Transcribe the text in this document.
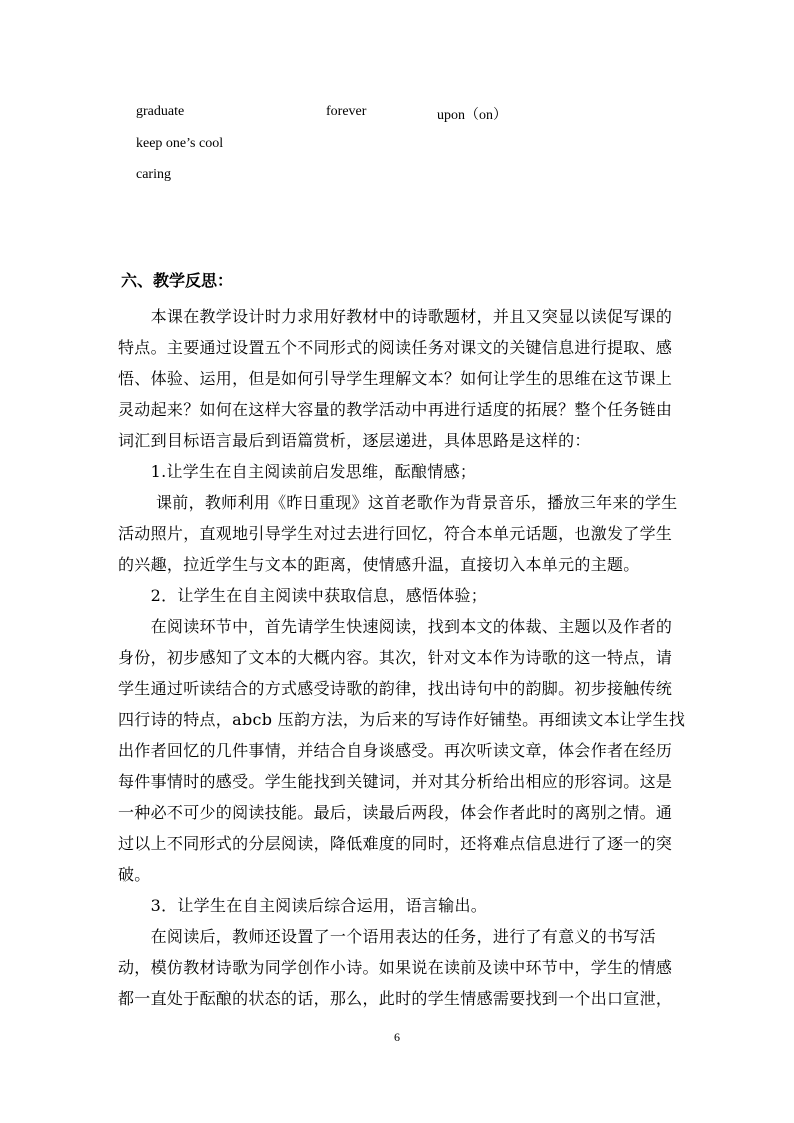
graduate	forever	upon（on）
keep one’s cool
caring
六、教学反思：
　　本课在教学设计时力求用好教材中的诗歌题材，并且又突显以读促写课的
特点。主要通过设置五个不同形式的阅读任务对课文的关键信息进行提取、感
悟、体验、运用，但是如何引导学生理解文本？如何让学生的思维在这节课上
灵动起来？如何在这样大容量的教学活动中再进行适度的拓展？整个任务链由
词汇到目标语言最后到语篇赏析，逐层递进，具体思路是这样的：
　　1.让学生在自主阅读前启发思维，酝酿情感；
　　 课前，教师利用《昨日重现》这首老歌作为背景音乐，播放三年来的学生
活动照片，直观地引导学生对过去进行回忆，符合本单元话题，也激发了学生
的兴趣，拉近学生与文本的距离，使情感升温，直接切入本单元的主题。
　　2．让学生在自主阅读中获取信息，感悟体验；
　　在阅读环节中，首先请学生快速阅读，找到本文的体裁、主题以及作者的
身份，初步感知了文本的大概内容。其次，针对文本作为诗歌的这一特点，请
学生通过听读结合的方式感受诗歌的韵律，找出诗句中的韵脚。初步接触传统
四行诗的特点，abcb 压韵方法，为后来的写诗作好铺垫。再细读文本让学生找
出作者回忆的几件事情，并结合自身谈感受。再次听读文章，体会作者在经历
每件事情时的感受。学生能找到关键词，并对其分析给出相应的形容词。这是
一种必不可少的阅读技能。最后，读最后两段，体会作者此时的离别之情。通
过以上不同形式的分层阅读，降低难度的同时，还将难点信息进行了逐一的突
破。
　　3．让学生在自主阅读后综合运用，语言输出。
　　在阅读后，教师还设置了一个语用表达的任务，进行了有意义的书写活
动，模仿教材诗歌为同学创作小诗。如果说在读前及读中环节中，学生的情感
都一直处于酝酿的状态的话，那么，此时的学生情感需要找到一个出口宣泄，
6
